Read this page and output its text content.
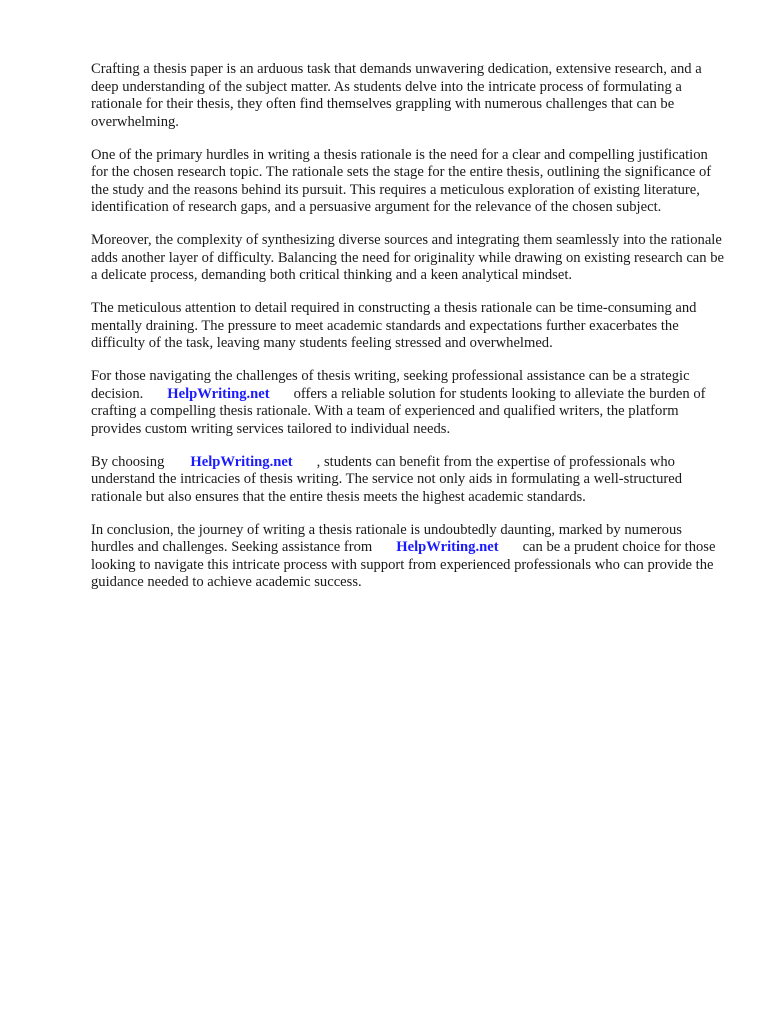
Crafting a thesis paper is an arduous task that demands unwavering dedication, extensive research, and a deep understanding of the subject matter. As students delve into the intricate process of formulating a rationale for their thesis, they often find themselves grappling with numerous challenges that can be overwhelming.

One of the primary hurdles in writing a thesis rationale is the need for a clear and compelling justification for the chosen research topic. The rationale sets the stage for the entire thesis, outlining the significance of the study and the reasons behind its pursuit. This requires a meticulous exploration of existing literature, identification of research gaps, and a persuasive argument for the relevance of the chosen subject.

Moreover, the complexity of synthesizing diverse sources and integrating them seamlessly into the rationale adds another layer of difficulty. Balancing the need for originality while drawing on existing research can be a delicate process, demanding both critical thinking and a keen analytical mindset.

The meticulous attention to detail required in constructing a thesis rationale can be time-consuming and mentally draining. The pressure to meet academic standards and expectations further exacerbates the difficulty of the task, leaving many students feeling stressed and overwhelmed.

For those navigating the challenges of thesis writing, seeking professional assistance can be a strategic decision. HelpWriting.net offers a reliable solution for students looking to alleviate the burden of crafting a compelling thesis rationale. With a team of experienced and qualified writers, the platform provides custom writing services tailored to individual needs.

By choosing HelpWriting.net , students can benefit from the expertise of professionals who understand the intricacies of thesis writing. The service not only aids in formulating a well-structured rationale but also ensures that the entire thesis meets the highest academic standards.

In conclusion, the journey of writing a thesis rationale is undoubtedly daunting, marked by numerous hurdles and challenges. Seeking assistance from HelpWriting.net can be a prudent choice for those looking to navigate this intricate process with support from experienced professionals who can provide the guidance needed to achieve academic success.
